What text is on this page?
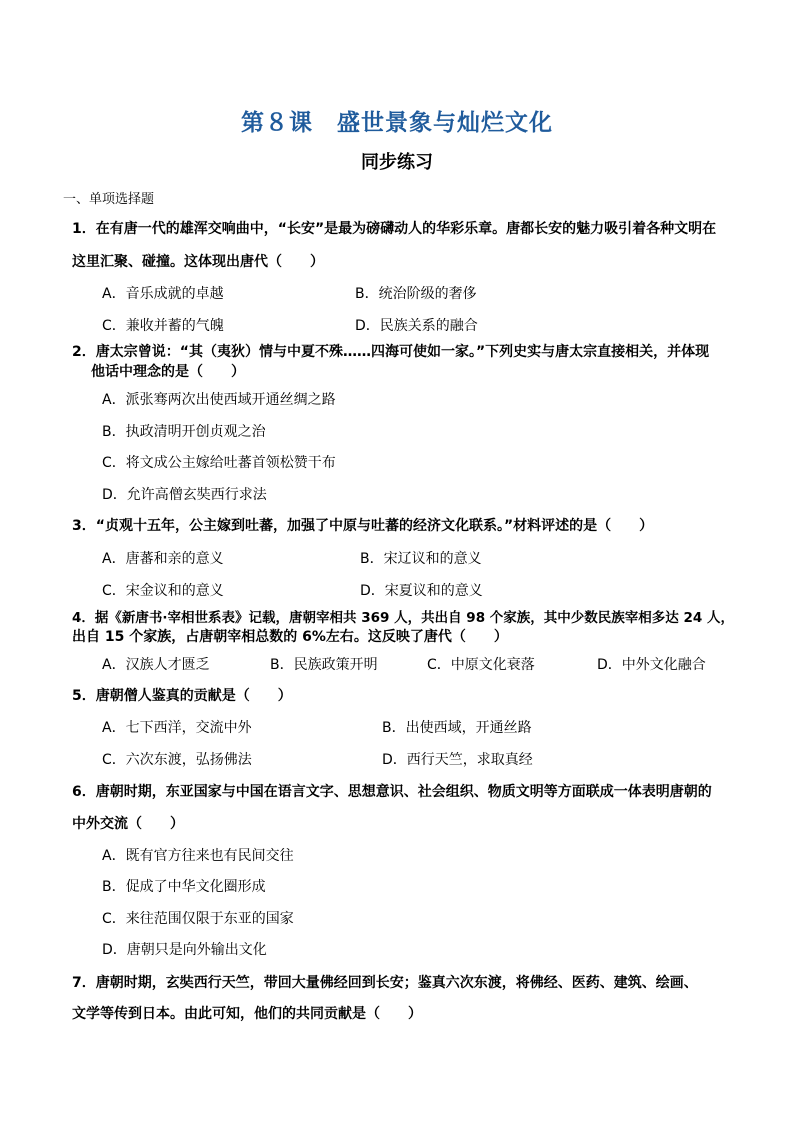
第８课　盛世景象与灿烂文化
同步练习
一、单项选择题
1．在有唐一代的雄浑交响曲中，“长安”是最为磅礴动人的华彩乐章。唐都长安的魅力吸引着各种文明在
这里汇聚、碰撞。这体现出唐代（　　）
A．音乐成就的卓越	B．统治阶级的奢侈
C．兼收并蓄的气魄	D．民族关系的融合
2．唐太宗曾说：“其（夷狄）情与中夏不殊……四海可使如一家。”下列史实与唐太宗直接相关，并体现
他话中理念的是（　　）
A．派张骞两次出使西域开通丝绸之路
B．执政清明开创贞观之治
C．将文成公主嫁给吐蕃首领松赞干布
D．允许高僧玄奘西行求法
3．“贞观十五年，公主嫁到吐蕃，加强了中原与吐蕃的经济文化联系。”材料评述的是（　　）
A．唐蕃和亲的意义	B．宋辽议和的意义
C．宋金议和的意义	D．宋夏议和的意义
4．据《新唐书·宰相世系表》记载，唐朝宰相共 369 人，共出自 98 个家族，其中少数民族宰相多达 24 人，
出自 15 个家族，占唐朝宰相总数的 6%左右。这反映了唐代（　　）
A．汉族人才匮乏	B．民族政策开明	C．中原文化衰落	D．中外文化融合
5．唐朝僧人鉴真的贡献是（　　）
A．七下西洋，交流中外	B．出使西域，开通丝路
C．六次东渡，弘扬佛法	D．西行天竺，求取真经
6．唐朝时期，东亚国家与中国在语言文字、思想意识、社会组织、物质文明等方面联成一体表明唐朝的
中外交流（　　）
A．既有官方往来也有民间交往
B．促成了中华文化圈形成
C．来往范围仅限于东亚的国家
D．唐朝只是向外输出文化
7．唐朝时期，玄奘西行天竺，带回大量佛经回到长安；鉴真六次东渡，将佛经、医药、建筑、绘画、
文学等传到日本。由此可知，他们的共同贡献是（　　）
